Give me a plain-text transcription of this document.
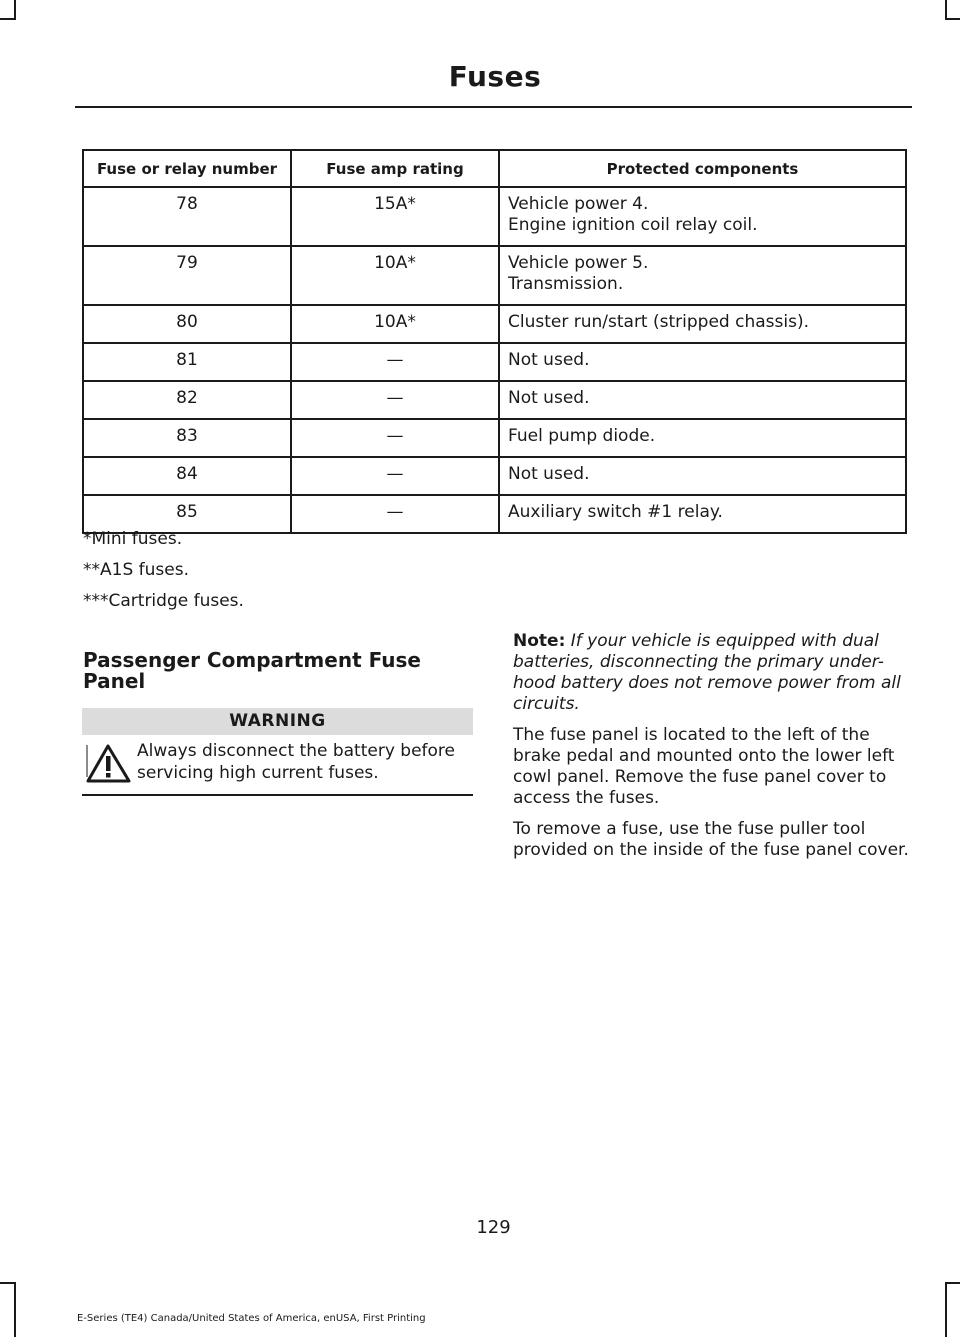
Fuses
Fuse or relay number	Fuse amp rating	Protected components
78	15A*	Vehicle power 4.
Engine ignition coil relay coil.

79	10A*	Vehicle power 5.
Transmission.

80	10A*	Cluster run/start (stripped chassis).

81	—	Not used.

82	—	Not used.

83	—	Fuel pump diode.

84	—	Not used.

85	—	Auxiliary switch #1 relay.
*Mini fuses.
**A1S fuses.
***Cartridge fuses.
Passenger Compartment Fuse Panel
WARNING
Always disconnect the battery before servicing high current fuses.

Note: If your vehicle is equipped with dual batteries, disconnecting the primary under-hood battery does not remove power from all circuits.

The fuse panel is located to the left of the brake pedal and mounted onto the lower left cowl panel. Remove the fuse panel cover to access the fuses.

To remove a fuse, use the fuse puller tool provided on the inside of the fuse panel cover.

129
E-Series (TE4) Canada/United States of America, enUSA, First Printing
